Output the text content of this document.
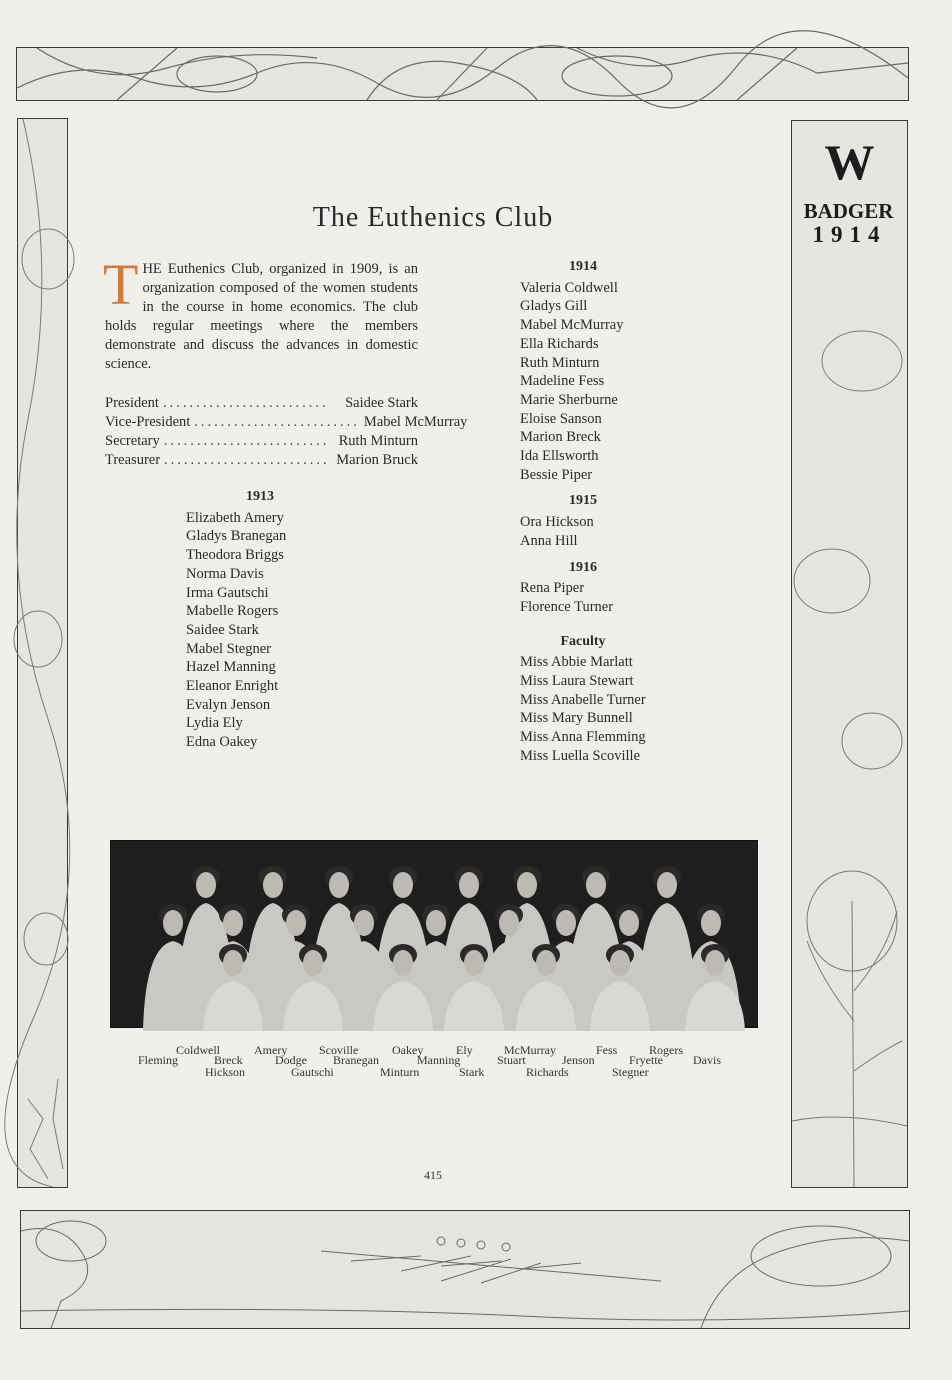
W
BADGER
1914
The Euthenics Club
THE Euthenics Club, organized in 1909, is an organization composed of the women students in the course in home economics. The club holds regular meetings where the members demonstrate and discuss the advances in domestic science.
President .........................	Saidee Stark
Vice-President ......................... Mabel McMurray
Secretary ......................... Ruth Minturn
Treasurer ......................... Marion Bruck
1913
Elizabeth Amery
Gladys Branegan
Theodora Briggs
Norma Davis
Irma Gautschi
Mabelle Rogers
Saidee Stark
Mabel Stegner
Hazel Manning
Eleanor Enright
Evalyn Jenson
Lydia Ely
Edna Oakey
1914
Valeria Coldwell
Gladys Gill
Mabel McMurray
Ella Richards
Ruth Minturn
Madeline Fess
Marie Sherburne
Eloise Sanson
Marion Breck
Ida Ellsworth
Bessie Piper
1915
Ora Hickson
Anna Hill
1916
Rena Piper
Florence Turner
Faculty
Miss Abbie Marlatt
Miss Laura Stewart
Miss Anabelle Turner
Miss Mary Bunnell
Miss Anna Flemming
Miss Luella Scoville
Coldwell	Amery	Scoville	Oakey	Ely	McMurray	Fess	Rogers
Fleming	Breck	Dodge Branegan	Manning	Stuart	Jenson	Fryette	Davis
Hickson	Gautschi	Minturn	Stark	Richards	Stegner
415
